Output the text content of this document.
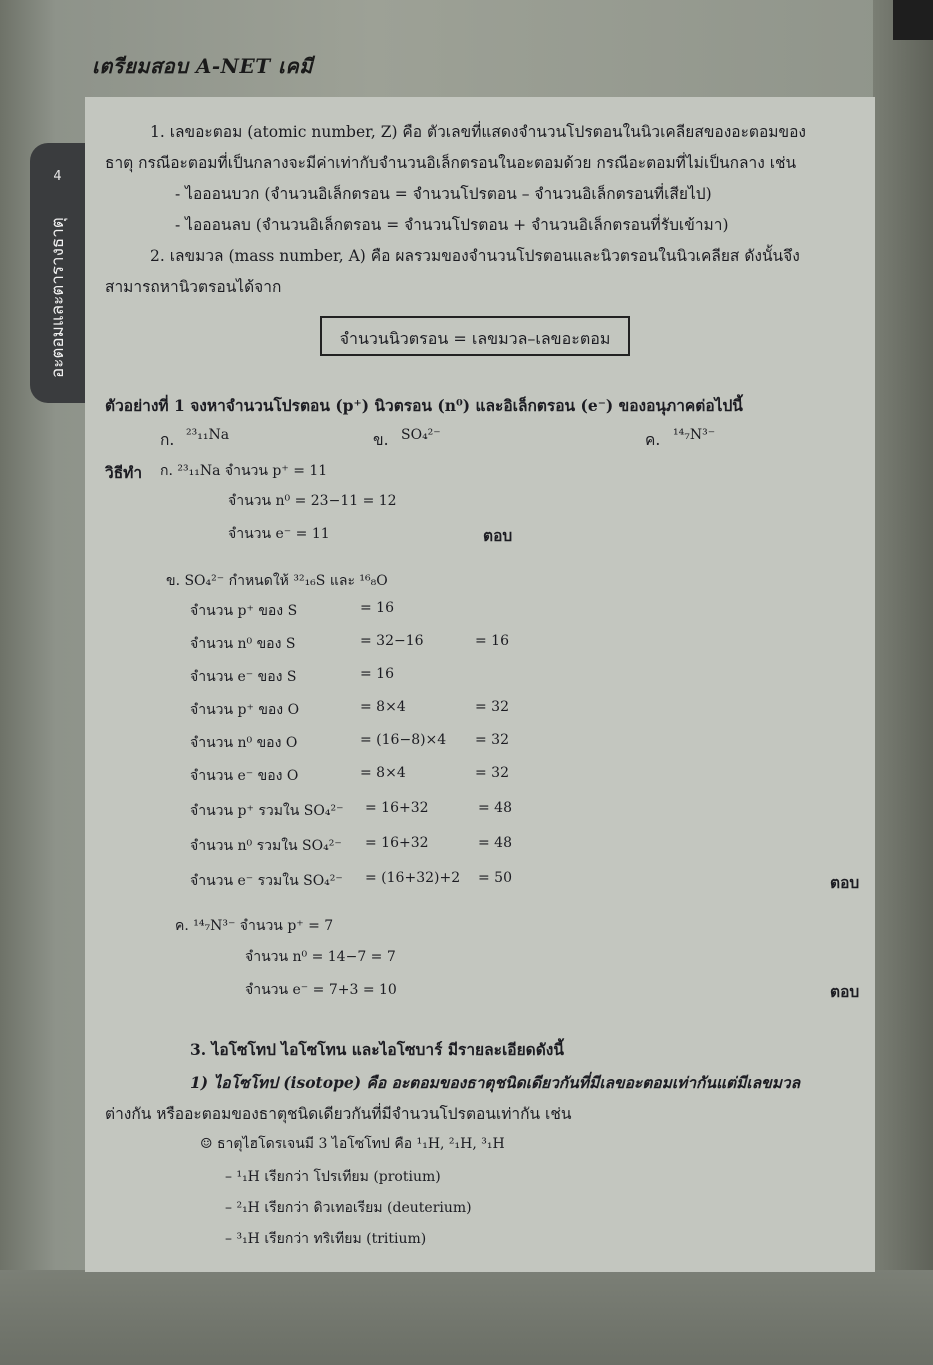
เตรียมสอบ A-NET เคมี
4
อะตอมและตารางธาตุ
1. เลขอะตอม (atomic number, Z) คือ ตัวเลขที่แสดงจำนวนโปรตอนในนิวเคลียสของอะตอมของ
ธาตุ กรณีอะตอมที่เป็นกลางจะมีค่าเท่ากับจำนวนอิเล็กตรอนในอะตอมด้วย กรณีอะตอมที่ไม่เป็นกลาง เช่น
- ไอออนบวก (จำนวนอิเล็กตรอน = จำนวนโปรตอน – จำนวนอิเล็กตรอนที่เสียไป)
- ไอออนลบ (จำนวนอิเล็กตรอน = จำนวนโปรตอน + จำนวนอิเล็กตรอนที่รับเข้ามา)
2. เลขมวล (mass number, A) คือ ผลรวมของจำนวนโปรตอนและนิวตรอนในนิวเคลียส ดังนั้นจึง
สามารถหานิวตรอนได้จาก
จำนวนนิวตรอน = เลขมวล–เลขอะตอม
ตัวอย่างที่ 1 จงหาจำนวนโปรตอน (p⁺) นิวตรอน (n⁰) และอิเล็กตรอน (e⁻) ของอนุภาคต่อไปนี้
ก. ²³₁₁Na	ข. SO₄²⁻	ค. ¹⁴₇N³⁻
วิธีทำ ก. ²³₁₁Na จำนวน p⁺ = 11
จำนวน n⁰ = 23−11 = 12
จำนวน e⁻ = 11	ตอบ
ข. SO₄²⁻ กำหนดให้ ³²₁₆S และ ¹⁶₈O
จำนวน p⁺ ของ S	= 16
จำนวน n⁰ ของ S	= 32−16	= 16
จำนวน e⁻ ของ S	= 16
จำนวน p⁺ ของ O	= 8×4	= 32
จำนวน n⁰ ของ O	= (16−8)×4 = 32
จำนวน e⁻ ของ O	= 8×4	= 32
จำนวน p⁺ รวมใน SO₄²⁻ = 16+32	= 48
จำนวน n⁰ รวมใน SO₄²⁻ = 16+32	= 48
จำนวน e⁻ รวมใน SO₄²⁻ = (16+32)+2 = 50	ตอบ
ค. ¹⁴₇N³⁻ จำนวน p⁺ = 7
จำนวน n⁰ = 14−7 = 7
จำนวน e⁻ = 7+3 = 10	ตอบ
3. ไอโซโทป ไอโซโทน และไอโซบาร์ มีรายละเอียดดังนี้
1) ไอโซโทป (isotope) คือ อะตอมของธาตุชนิดเดียวกันที่มีเลขอะตอมเท่ากันแต่มีเลขมวล
ต่างกัน หรืออะตอมของธาตุชนิดเดียวกันที่มีจำนวนโปรตอนเท่ากัน เช่น
☺ ธาตุไฮโดรเจนมี 3 ไอโซโทป คือ ¹₁H, ²₁H, ³₁H
– ¹₁H เรียกว่า โปรเทียม (protium)
– ²₁H เรียกว่า ดิวเทอเรียม (deuterium)
– ³₁H เรียกว่า ทริเทียม (tritium)
